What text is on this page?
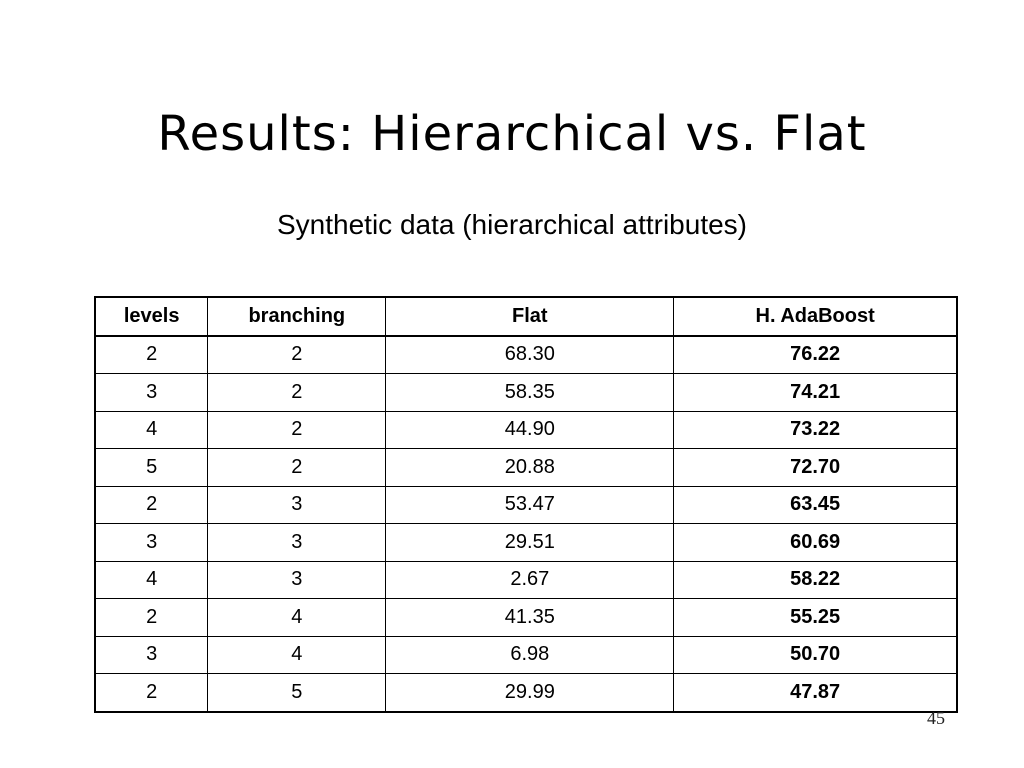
Results: Hierarchical vs. Flat
Synthetic data (hierarchical attributes)
levels	branching	Flat	H. AdaBoost
2	2	68.30	76.22
3	2	58.35	74.21
4	2	44.90	73.22
5	2	20.88	72.70
2	3	53.47	63.45
3	3	29.51	60.69
4	3	2.67	58.22
2	4	41.35	55.25
3	4	6.98	50.70
2	5	29.99	47.87
45
